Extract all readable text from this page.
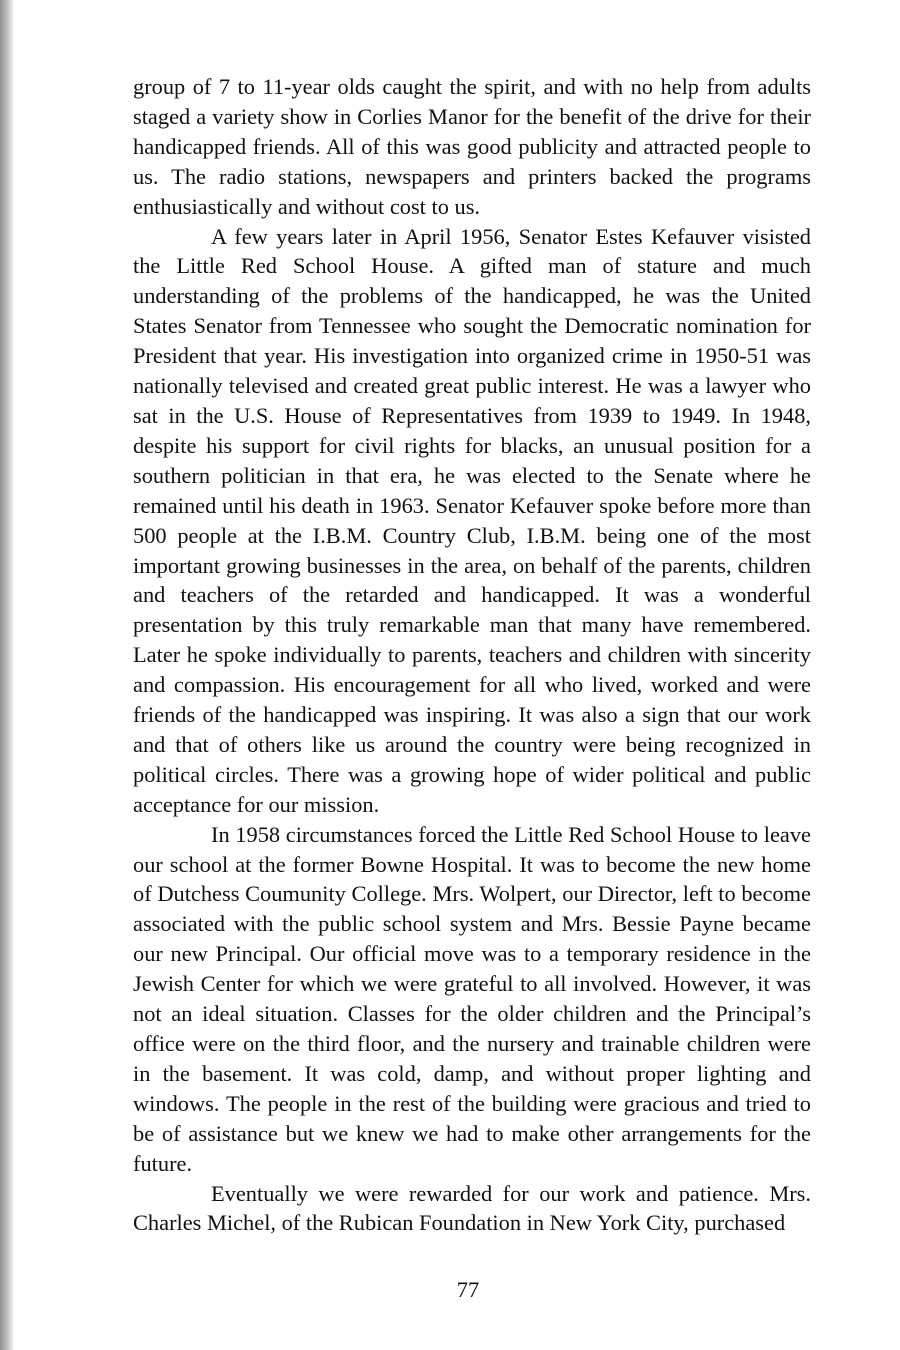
group of 7 to 11-year olds caught the spirit, and with no help from adults staged a variety show in Corlies Manor for the benefit of the drive for their handicapped friends. All of this was good publicity and attracted people to us. The radio stations, newspapers and printers backed the programs enthusiastically and without cost to us.

A few years later in April 1956, Senator Estes Kefauver visisted the Little Red School House. A gifted man of stature and much understanding of the problems of the handicapped, he was the United States Senator from Tennessee who sought the Democratic nomination for President that year. His investigation into organized crime in 1950-51 was nationally televised and created great public interest. He was a lawyer who sat in the U.S. House of Representatives from 1939 to 1949. In 1948, despite his support for civil rights for blacks, an unusual position for a southern politician in that era, he was elected to the Senate where he remained until his death in 1963. Senator Kefauver spoke before more than 500 people at the I.B.M. Country Club, I.B.M. being one of the most important growing businesses in the area, on behalf of the parents, children and teachers of the retarded and handicapped. It was a wonderful presentation by this truly remarkable man that many have remembered. Later he spoke individually to parents, teachers and children with sincerity and compassion. His encouragement for all who lived, worked and were friends of the handicapped was inspiring. It was also a sign that our work and that of others like us around the country were being recognized in political circles. There was a growing hope of wider political and public acceptance for our mission.

In 1958 circumstances forced the Little Red School House to leave our school at the former Bowne Hospital. It was to become the new home of Dutchess Coumunity College. Mrs. Wolpert, our Director, left to become associated with the public school system and Mrs. Bessie Payne became our new Principal. Our official move was to a temporary residence in the Jewish Center for which we were grateful to all involved. However, it was not an ideal situation. Classes for the older children and the Principal’s office were on the third floor, and the nursery and trainable children were in the basement. It was cold, damp, and without proper lighting and windows. The people in the rest of the building were gracious and tried to be of assistance but we knew we had to make other arrangements for the future.

Eventually we were rewarded for our work and patience. Mrs. Charles Michel, of the Rubican Foundation in New York City, purchased

77
